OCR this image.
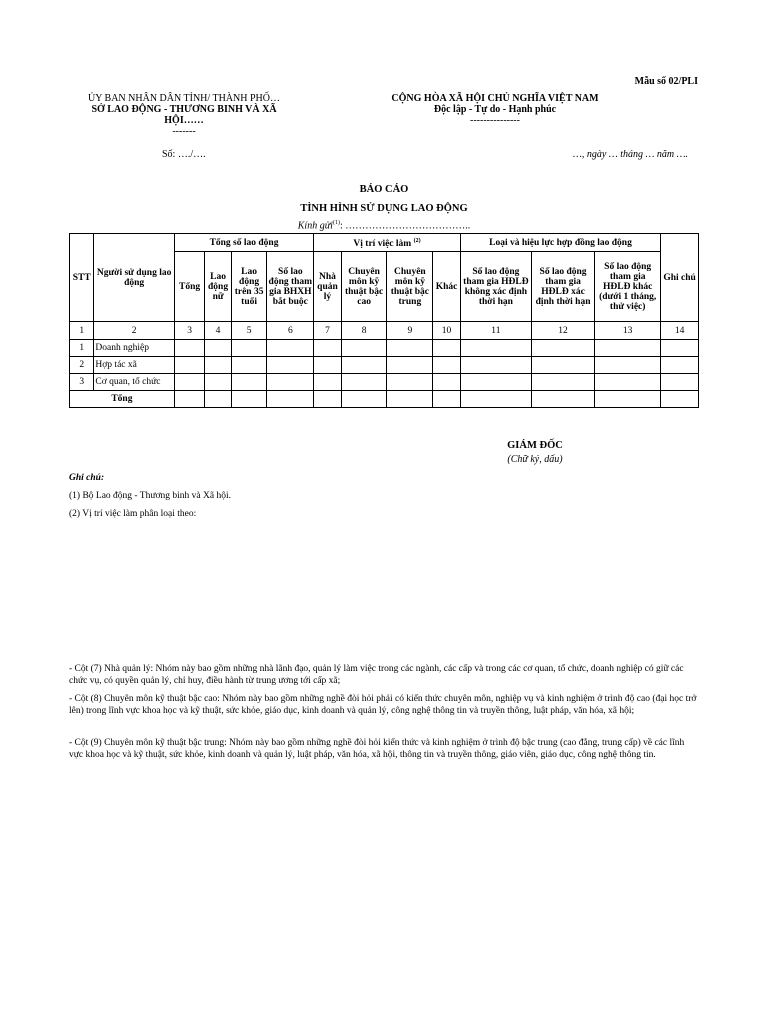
Mẫu số 02/PLI
ỦY BAN NHÂN DÂN TỈNH/ THÀNH PHỐ…
SỞ LAO ĐỘNG - THƯƠNG BINH VÀ XÃ
HỘI……
-------
Số: …./….
CỘNG HÒA XÃ HỘI CHỦ NGHĨA VIỆT NAM
Độc lập - Tự do - Hạnh phúc
---------------
…, ngày … tháng … năm ….
BÁO CÁO
TÌNH HÌNH SỬ DỤNG LAO ĐỘNG
Kính gửi$^{(1)}$: ………………………………..
STT	Người sử dụng lao động	Tổng số lao động				Vị trí việc làm $^{(2)}$				Loại và hiệu lực hợp đồng lao động			Ghi chú
		Tổng	Lao động nữ	Lao động trên 35 tuổi	Số lao động tham gia BHXH bắt buộc	Nhà quản lý	Chuyên môn kỹ thuật bậc cao	Chuyên môn kỹ thuật bậc trung	Khác	Số lao động tham gia HĐLĐ không xác định thời hạn	Số lao động tham gia HĐLĐ xác định thời hạn	Số lao động tham gia HĐLĐ khác (dưới 1 tháng, thử việc)	
1	2	3	4	5	6	7	8	9	10	11	12	13	14
1	Doanh nghiệp												
2	Hợp tác xã												
3	Cơ quan, tổ chức												
Tổng													
GIÁM ĐỐC
(Chữ ký, dấu)
Ghi chú:
(1) Bộ Lao động - Thương binh và Xã hội.
(2) Vị trí việc làm phân loại theo:
- Cột (7) Nhà quản lý: Nhóm này bao gồm những nhà lãnh đạo, quản lý làm việc trong các ngành, các cấp và trong các cơ quan, tổ chức, doanh nghiệp có giữ các chức vụ, có quyền quản lý, chỉ huy, điều hành từ trung ương tới cấp xã;
- Cột (8) Chuyên môn kỹ thuật bậc cao: Nhóm này bao gồm những nghề đòi hỏi phải có kiến thức chuyên môn, nghiệp vụ và kinh nghiệm ở trình độ cao (đại học trở lên) trong lĩnh vực khoa học và kỹ thuật, sức khỏe, giáo dục, kinh doanh và quản lý, công nghệ thông tin và truyền thông, luật pháp, văn hóa, xã hội;
- Cột (9) Chuyên môn kỹ thuật bậc trung: Nhóm này bao gồm những nghề đòi hỏi kiến thức và kinh nghiệm ở trình độ bậc trung (cao đẳng, trung cấp) về các lĩnh vực khoa học và kỹ thuật, sức khỏe, kinh doanh và quản lý, luật pháp, văn hóa, xã hội, thông tin và truyền thông, giáo viên, giáo dục, công nghệ thông tin.
